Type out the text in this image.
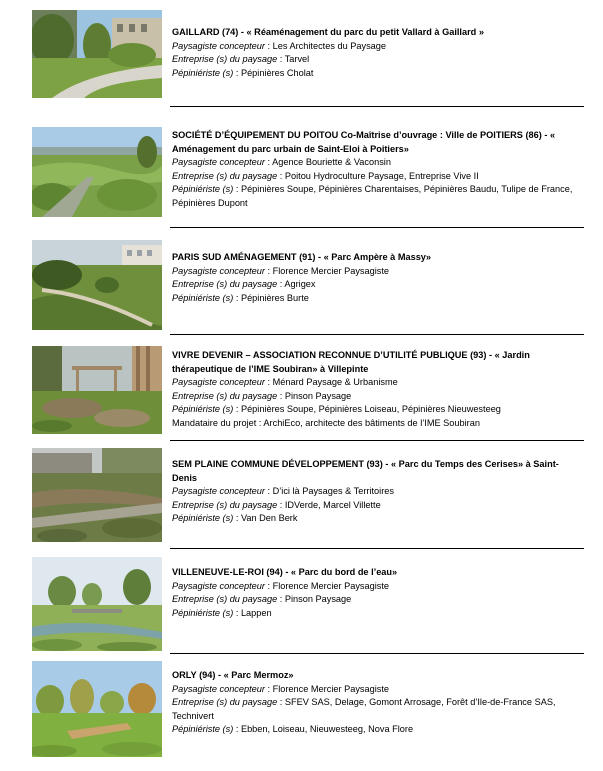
GAILLARD (74) - « Réaménagement du parc du petit Vallard à Gaillard »
Paysagiste concepteur : Les Architectes du Paysage
Entreprise (s) du paysage : Tarvel
Pépiniériste (s) : Pépinières Cholat
SOCIÉTÉ D’ÉQUIPEMENT DU POITOU Co-Maîtrise d’ouvrage : Ville de POITIERS (86) - « Aménagement du parc urbain de Saint-Eloi à Poitiers»
Paysagiste concepteur : Agence Bouriette & Vaconsin
Entreprise (s) du paysage : Poitou Hydroculture Paysage, Entreprise Vive II
Pépiniériste (s) : Pépinières Soupe, Pépinières Charentaises, Pépinières Baudu, Tulipe de France, Pépinières Dupont
PARIS SUD AMÉNAGEMENT (91) - « Parc Ampère à Massy»
Paysagiste concepteur : Florence Mercier Paysagiste
Entreprise (s) du paysage : Agrigex
Pépiniériste (s) : Pépinières Burte
VIVRE DEVENIR – ASSOCIATION RECONNUE D’UTILITÉ PUBLIQUE (93) - « Jardin thérapeutique de l’IME Soubiran» à Villepinte
Paysagiste concepteur : Ménard Paysage & Urbanisme
Entreprise (s) du paysage : Pinson Paysage
Pépiniériste (s) : Pépinières Soupe, Pépinières Loiseau, Pépinières Nieuwesteeg
Mandataire du projet : ArchiEco, architecte des bâtiments de l’IME Soubiran
SEM PLAINE COMMUNE DÉVELOPPEMENT (93) - « Parc du Temps des Cerises» à Saint-Denis
Paysagiste concepteur : D’ici là Paysages & Territoires
Entreprise (s) du paysage : IDVerde, Marcel Villette
Pépiniériste (s) : Van Den Berk
VILLENEUVE-LE-ROI (94) - « Parc du bord de l’eau»
Paysagiste concepteur : Florence Mercier Paysagiste
Entreprise (s) du paysage : Pinson Paysage
Pépiniériste (s) : Lappen
ORLY (94) - « Parc Mermoz»
Paysagiste concepteur : Florence Mercier Paysagiste
Entreprise (s) du paysage : SFEV SAS, Delage, Gomont Arrosage, Forêt d’Ile-de-France SAS, Technivert
Pépiniériste (s) : Ebben, Loiseau, Nieuwesteeg, Nova Flore
